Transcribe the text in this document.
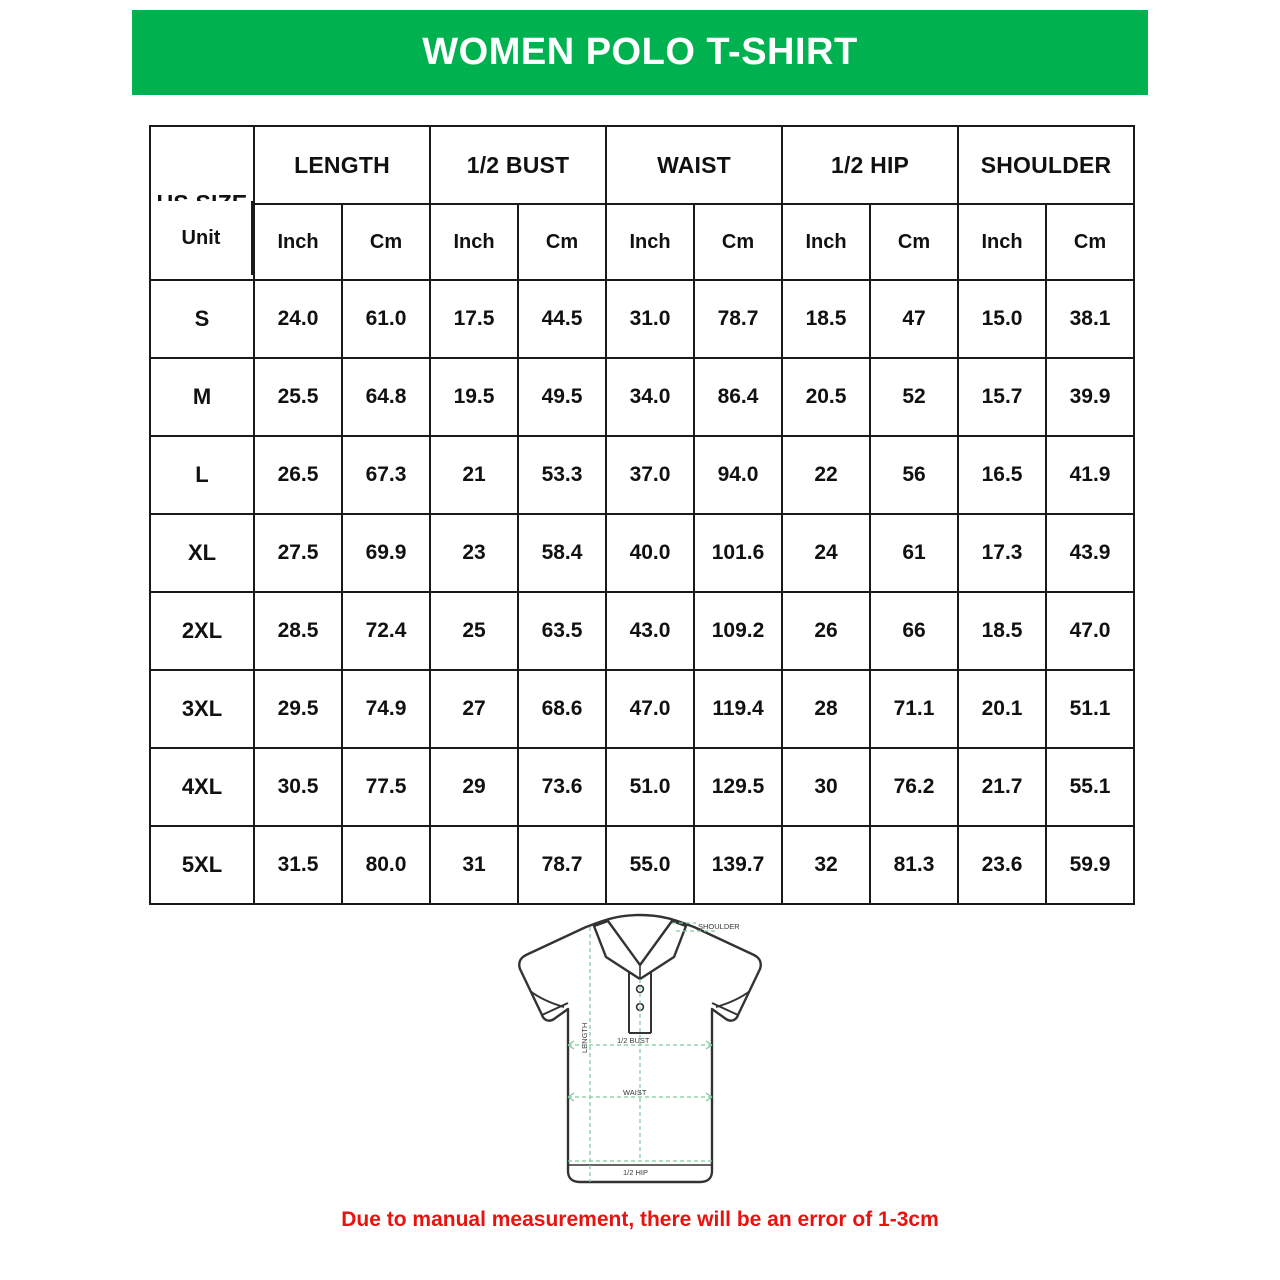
WOMEN POLO T-SHIRT
	LENGTH		1/2 BUST		WAIST		1/2 HIP		SHOULDER	
	Inch	Cm	Inch	Cm	Inch	Cm	Inch	Cm	Inch	Cm
S	24.0	61.0	17.5	44.5	31.0	78.7	18.5	47	15.0	38.1
M	25.5	64.8	19.5	49.5	34.0	86.4	20.5	52	15.7	39.9
L	26.5	67.3	21	53.3	37.0	94.0	22	56	16.5	41.9
XL	27.5	69.9	23	58.4	40.0	101.6	24	61	17.3	43.9
2XL	28.5	72.4	25	63.5	43.0	109.2	26	66	18.5	47.0
3XL	29.5	74.9	27	68.6	47.0	119.4	28	71.1	20.1	51.1
4XL	30.5	77.5	29	73.6	51.0	129.5	30	76.2	21.7	55.1
5XL	31.5	80.0	31	78.7	55.0	139.7	32	81.3	23.6	59.9
Unit
SHOULDER
LENGTH	1/2 BUST
WAIST
1/2 HIP
Due to manual measurement, there will be an error of 1-3cm
